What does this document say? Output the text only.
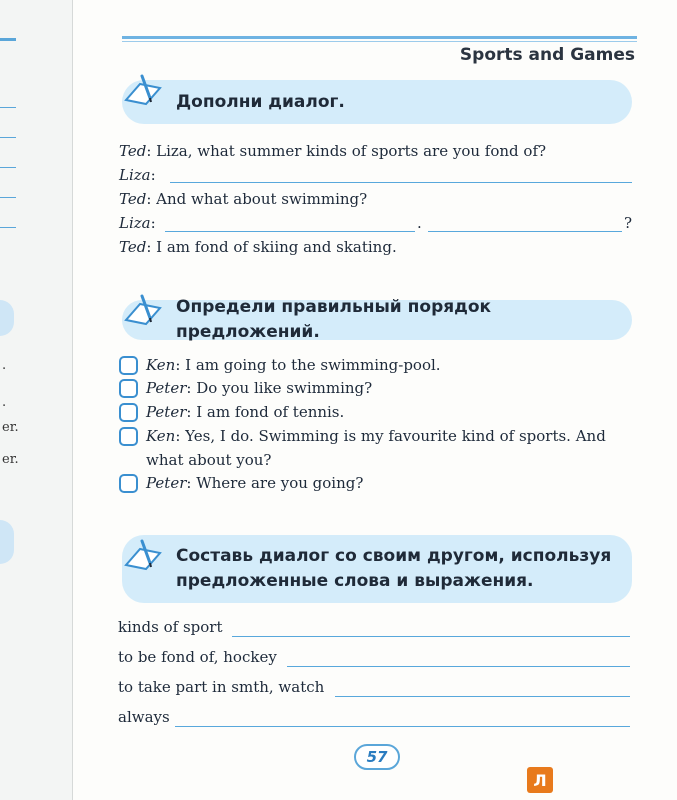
.
.
er.
er.
Sports and Games
Дополни диалог.
Ted: Liza, what summer kinds of sports are you fond of?
Liza:
Ted: And what about swimming?
Liza:	.	?
Ted: I am fond of skiing and skating.
Определи правильный порядок предложений.
Ken: I am going to the swimming-pool.
Peter: Do you like swimming?
Peter: I am fond of tennis.
Ken: Yes, I do. Swimming is my favourite kind of sports. And
what about you?
Peter: Where are you going?
Составь диалог со своим другом, используя
предложенные слова и выражения.
kinds of sport
to be fond of, hockey
to take part in smth, watch
always
57
Л
